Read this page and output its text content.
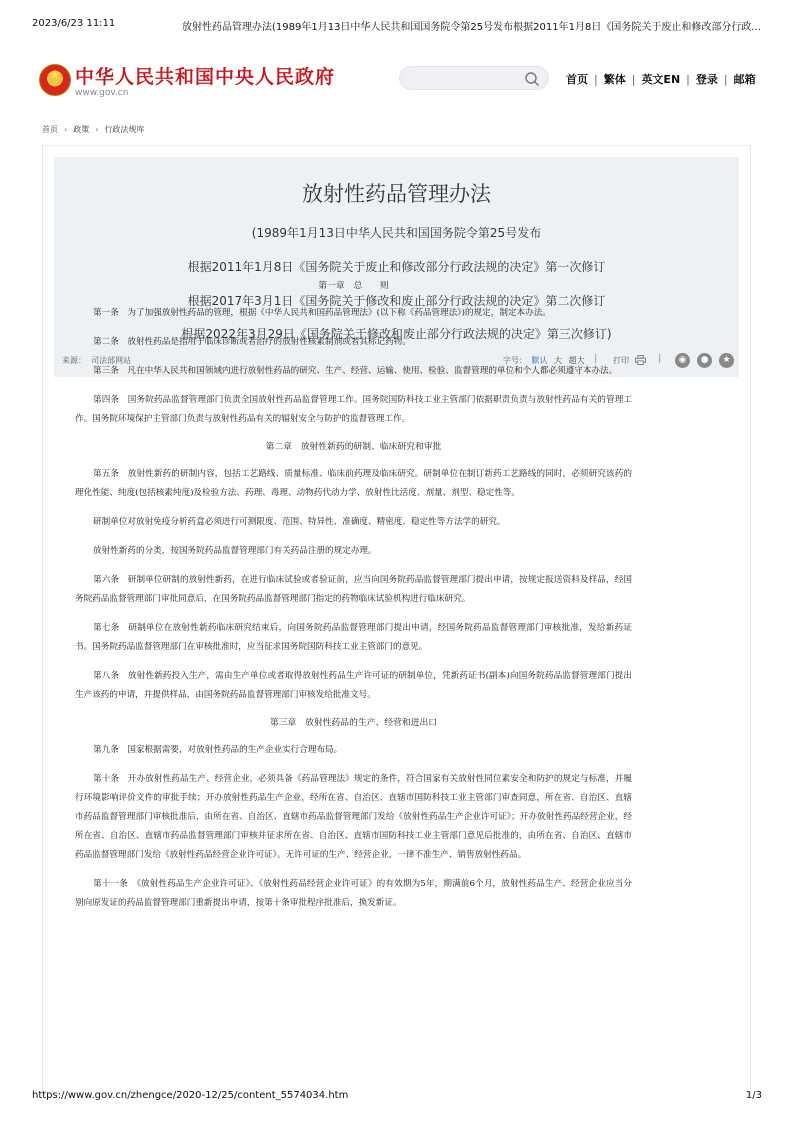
2023/6/23 11:11	放射性药品管理办法(1989年1月13日中华人民共和国国务院令第25号发布根据2011年1月8日《国务院关于废止和修改部分行政...
★
中华人民共和国中央人民政府
www.gov.cn
首页 | 繁体 | 英文EN | 登录 | 邮箱
首页 › 政策 › 行政法规库
放射性药品管理办法
(1989年1月13日中华人民共和国国务院令第25号发布
根据2011年1月8日《国务院关于废止和修改部分行政法规的决定》第一次修订
根据2017年3月1日《国务院关于修改和废止部分行政法规的决定》第二次修订
根据2022年3月29日《国务院关于修改和废止部分行政法规的决定》第三次修订)
来源： 司法部网站	字号： 默认 大 超大 | 打印	|	◉	●	★
第一章　总　　则

第一条　为了加强放射性药品的管理，根据《中华人民共和国药品管理法》(以下称《药品管理法》)的规定，制定本办法。

第二条　放射性药品是指用于临床诊断或者治疗的放射性核素制剂或者其标记药物。

第三条　凡在中华人民共和国领域内进行放射性药品的研究、生产、经营、运输、使用、检验、监督管理的单位和个人都必须遵守本办法。

第四条　国务院药品监督管理部门负责全国放射性药品监督管理工作。国务院国防科技工业主管部门依据职责负责与放射性药品有关的管理工作。国务院环境保护主管部门负责与放射性药品有关的辐射安全与防护的监督管理工作。

第二章　放射性新药的研制、临床研究和审批

第五条　放射性新药的研制内容，包括工艺路线、质量标准、临床前药理及临床研究。研制单位在制订新药工艺路线的同时，必须研究该药的理化性能、纯度(包括核素纯度)及检验方法、药理、毒理、动物药代动力学、放射性比活度、剂量、剂型、稳定性等。

研制单位对放射免疫分析药盒必须进行可测限度、范围、特异性、准确度、精密度、稳定性等方法学的研究。

放射性新药的分类，按国务院药品监督管理部门有关药品注册的规定办理。

第六条　研制单位研制的放射性新药，在进行临床试验或者验证前，应当向国务院药品监督管理部门提出申请，按规定报送资料及样品，经国务院药品监督管理部门审批同意后，在国务院药品监督管理部门指定的药物临床试验机构进行临床研究。

第七条　研制单位在放射性新药临床研究结束后，向国务院药品监督管理部门提出申请，经国务院药品监督管理部门审核批准，发给新药证书。国务院药品监督管理部门在审核批准时，应当征求国务院国防科技工业主管部门的意见。

第八条　放射性新药投入生产，需由生产单位或者取得放射性药品生产许可证的研制单位，凭新药证书(副本)向国务院药品监督管理部门提出生产该药的申请，并提供样品，由国务院药品监督管理部门审核发给批准文号。

第三章　放射性药品的生产、经营和进出口

第九条　国家根据需要，对放射性药品的生产企业实行合理布局。

第十条　开办放射性药品生产、经营企业，必须具备《药品管理法》规定的条件，符合国家有关放射性同位素安全和防护的规定与标准，并履行环境影响评价文件的审批手续；开办放射性药品生产企业，经所在省、自治区、直辖市国防科技工业主管部门审查同意，所在省、自治区、直辖市药品监督管理部门审核批准后，由所在省、自治区、直辖市药品监督管理部门发给《放射性药品生产企业许可证》；开办放射性药品经营企业，经所在省、自治区、直辖市药品监督管理部门审核并征求所在省、自治区、直辖市国防科技工业主管部门意见后批准的，由所在省、自治区、直辖市药品监督管理部门发给《放射性药品经营企业许可证》。无许可证的生产、经营企业，一律不准生产、销售放射性药品。

第十一条　《放射性药品生产企业许可证》、《放射性药品经营企业许可证》的有效期为5年，期满前6个月，放射性药品生产、经营企业应当分别向原发证的药品监督管理部门重新提出申请，按第十条审批程序批准后，换发新证。

https://www.gov.cn/zhengce/2020-12/25/content_5574034.htm	1/3
